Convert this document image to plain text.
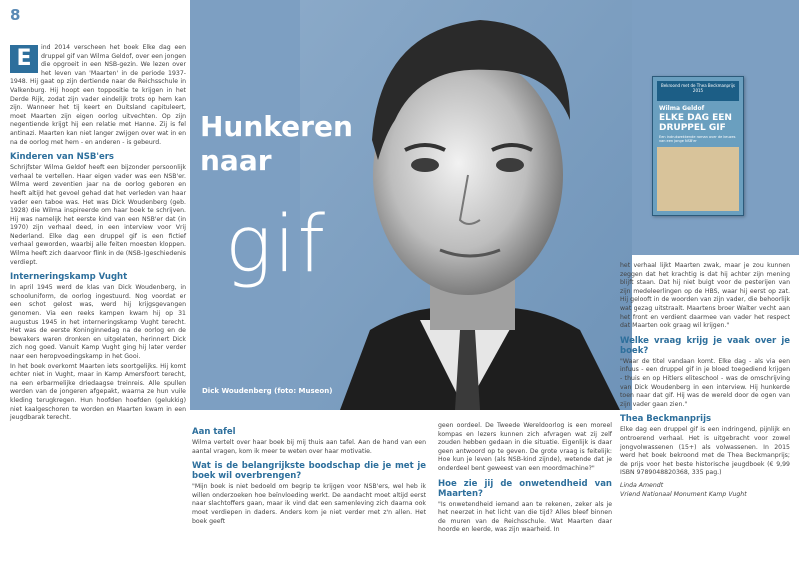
8
Hunkeren
naar
gif
Dick Woudenberg (foto: Museon)
Bekroond met de Thea Beckmanprijs 2015
Wilma Geldof
ELKE DAG EEN DRUPPEL GIF
Een indrukwekkende roman over de keuzes van een jonge NSB'er

E	ind 2014 verscheen het boek Elke dag een druppel gif van Wilma Geldof, over een jongen die opgroeit in een NSB-gezin. We lezen over het leven van 'Maarten' in de periode 1937-1948. Hij gaat op zijn dertiende naar de Reichsschule in Valkenburg. Hij hoopt een toppositie te krijgen in het Derde Rijk, zodat zijn vader eindelijk trots op hem kan zijn. Wanneer het tij keert en Duitsland capituleert, moet Maarten zijn eigen oorlog uitvechten. Op zijn negentiende krijgt hij een relatie met Hanne. Zij is fel antinazi. Maarten kan niet langer zwijgen over wat in en na de oorlog met hem - en anderen - is gebeurd.

Kinderen van NSB'ers

Schrijfster Wilma Geldof heeft een bijzonder persoonlijk verhaal te vertellen. Haar eigen vader was een NSB'er. Wilma werd zeventien jaar na de oorlog geboren en heeft altijd het gevoel gehad dat het verleden van haar vader een taboe was. Het was Dick Woudenberg (geb. 1928) die Wilma inspireerde om haar boek te schrijven. Hij was namelijk het eerste kind van een NSB'er dat (in 1970) zijn verhaal deed, in een interview voor Vrij Nederland. Elke dag een druppel gif is een fictief verhaal geworden, waarbij alle feiten moesten kloppen. Wilma heeft zich daarvoor flink in de (NSB-)geschiedenis verdiept.

Interneringskamp Vught

In april 1945 werd de klas van Dick Woudenberg, in schooluniform, de oorlog ingestuurd. Nog voordat er een schot gelost was, werd hij krijgsgevangen genomen. Via een reeks kampen kwam hij op 31 augustus 1945 in het interneringskamp Vught terecht. Het was de eerste Koninginnedag na de oorlog en de bewakers waren dronken en uitgelaten, herinnert Dick zich nog goed. Vanuit Kamp Vught ging hij later verder naar een heropvoedingskamp in het Gooi.

In het boek overkomt Maarten iets soortgelijks. Hij komt echter niet in Vught, maar in Kamp Amersfoort terecht, na een erbarmelijke driedaagse treinreis. Alle spullen werden van de jongeren afgepakt, waarna ze hun vuile kleding terugkregen. Hun hoofden hoefden (gelukkig) niet kaalgeschoren te worden en Maarten kwam in een jeugdbarak terecht.

Aan tafel

Wilma vertelt over haar boek bij mij thuis aan tafel. Aan de hand van een aantal vragen, kom ik meer te weten over haar motivatie.

Wat is de belangrijkste boodschap die je met je boek wil overbrengen?

"Mijn boek is niet bedoeld om begrip te krijgen voor NSB'ers, wel heb ik willen onderzoeken hoe beïnvloeding werkt. De aandacht moet altijd eerst naar slachtoffers gaan, maar ik vind dat een samenleving zich daarna ook moet verdiepen in daders. Anders kom je niet verder met z'n allen. Het boek geeft

geen oordeel. De Tweede Wereldoorlog is een moreel kompas en lezers kunnen zich afvragen wat zij zelf zouden hebben gedaan in die situatie. Eigenlijk is daar geen antwoord op te geven. De grote vraag is feitelijk: Hoe kun je leven (als NSB-kind zijnde), wetende dat je onderdeel bent geweest van een moordmachine?"

Hoe zie jij de onwetendheid van Maarten?

"Is onwetendheid iemand aan te rekenen, zeker als je het neerzet in het licht van die tijd? Alles bleef binnen de muren van de Reichsschule. Wat Maarten daar hoorde en leerde, was zijn waarheid. In

het verhaal lijkt Maarten zwak, maar je zou kunnen zeggen dat het krachtig is dat hij achter zijn mening blijft staan. Dat hij niet buigt voor de pesterijen van zijn medeleerlingen op de HBS, waar hij eerst op zat. Hij gelooft in de woorden van zijn vader, die behoorlijk wat gezag uitstraalt. Maartens broer Walter vecht aan het front en verdient daarmee van vader het respect dat Maarten ook graag wil krijgen."

Welke vraag krijg je vaak over je boek?

"Waar de titel vandaan komt. Elke dag - als via een infuus - een druppel gif in je bloed toegediend krijgen - thuis en op Hitlers eliteschool - was de omschrijving van Dick Woudenberg in een interview. Hij hunkerde toen naar dat gif. Hij was de wereld door de ogen van zijn vader gaan zien."

Thea Beckmanprijs

Elke dag een druppel gif is een indringend, pijnlijk en ontroerend verhaal. Het is uitgebracht voor zowel jongvolwassenen (15+) als volwassenen. In 2015 werd het boek bekroond met de Thea Beckmanprijs; de prijs voor het beste historische jeugdboek (€ 9,99 ISBN 9789048820368, 335 pag.)

Linda Amendt

Vriend Nationaal Monument Kamp Vught
